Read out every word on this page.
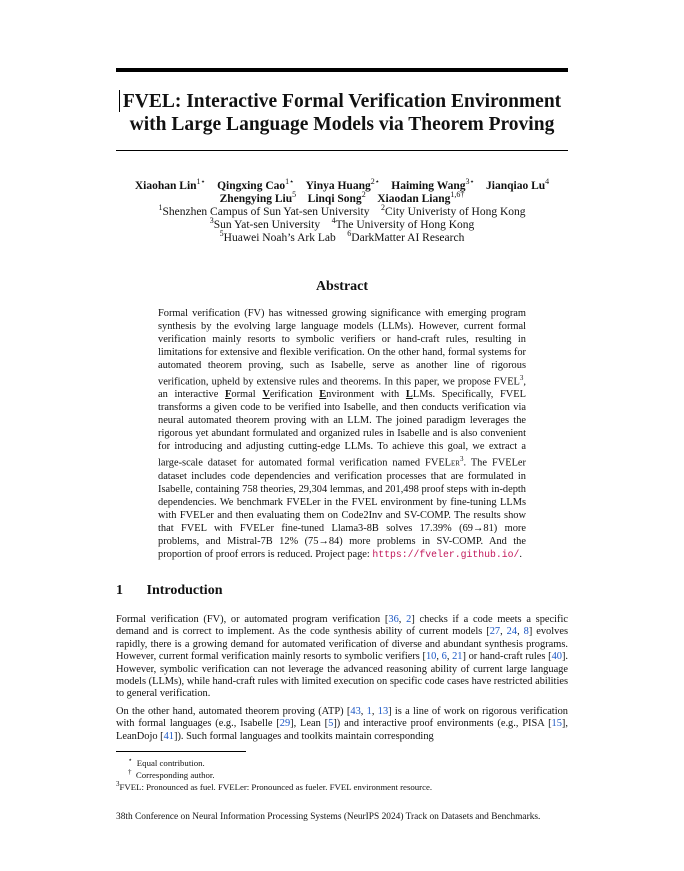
FVEL: Interactive Formal Verification Environment
with Large Language Models via Theorem Proving
Xiaohan Lin$^{1⋆}$ Qingxing Cao$^{1⋆}$ Yinya Huang$^{2⋆}$ Haiming Wang$^{3⋆}$ Jianqiao Lu$^4$
Zhengying Liu$^5$ Linqi Song$^2$ Xiaodan Liang$^{1,6\dagger}$
$^1$Shenzhen Campus of Sun Yat-sen University $^2$City Univeristy of Hong Kong
$^3$Sun Yat-sen University $^4$The University of Hong Kong
$^5$Huawei Noah’s Ark Lab $^6$DarkMatter AI Research
Abstract
Formal verification (FV) has witnessed growing significance with emerging program synthesis by the evolving large language models (LLMs). However, current formal verification mainly resorts to symbolic verifiers or hand-craft rules, resulting in limitations for extensive and flexible verification. On the other hand, formal systems for automated theorem proving, such as Isabelle, serve as another line of rigorous verification, upheld by extensive rules and theorems. In this paper, we propose FVEL$^3$, an interactive Formal Verification Environment with LLMs. Specifically, FVEL transforms a given code to be verified into Isabelle, and then conducts verification via neural automated theorem proving with an LLM. The joined paradigm leverages the rigorous yet abundant formulated and organized rules in Isabelle and is also convenient for introducing and adjusting cutting-edge LLMs. To achieve this goal, we extract a large-scale dataset for automated formal verification named FVELer$^3$. The FVELer dataset includes code dependencies and verification processes that are formulated in Isabelle, containing 758 theories, 29,304 lemmas, and 201,498 proof steps with in-depth dependencies. We benchmark FVELer in the FVEL environment by fine-tuning LLMs with FVELer and then evaluating them on Code2Inv and SV-COMP. The results show that FVEL with FVELer fine-tuned Llama3-8B solves 17.39% (69→81) more problems, and Mistral-7B 12% (75→84) more problems in SV-COMP. And the proportion of proof errors is reduced. Project page: https://fveler.github.io/.
1 Introduction
Formal verification (FV), or automated program verification [36, 2] checks if a code meets a specific demand and is correct to implement. As the code synthesis ability of current models [27, 24, 8] evolves rapidly, there is a growing demand for automated verification of diverse and abundant synthesis programs. However, current formal verification mainly resorts to symbolic verifiers [10, 6, 21] or hand-craft rules [40]. However, symbolic verification can not leverage the advanced reasoning ability of current large language models (LLMs), while hand-craft rules with limited execution on specific code cases have restricted abilities to general verification.
On the other hand, automated theorem proving (ATP) [43, 1, 13] is a line of work on rigorous verification with formal languages (e.g., Isabelle [29], Lean [5]) and interactive proof environments (e.g., PISA [15], LeanDojo [41]). Such formal languages and toolkits maintain corresponding
⋆ Equal contribution.
† Corresponding author.
$^3$FVEL: Pronounced as fuel. FVELer: Pronounced as fueler. FVEL environment resource.
38th Conference on Neural Information Processing Systems (NeurIPS 2024) Track on Datasets and Benchmarks.
